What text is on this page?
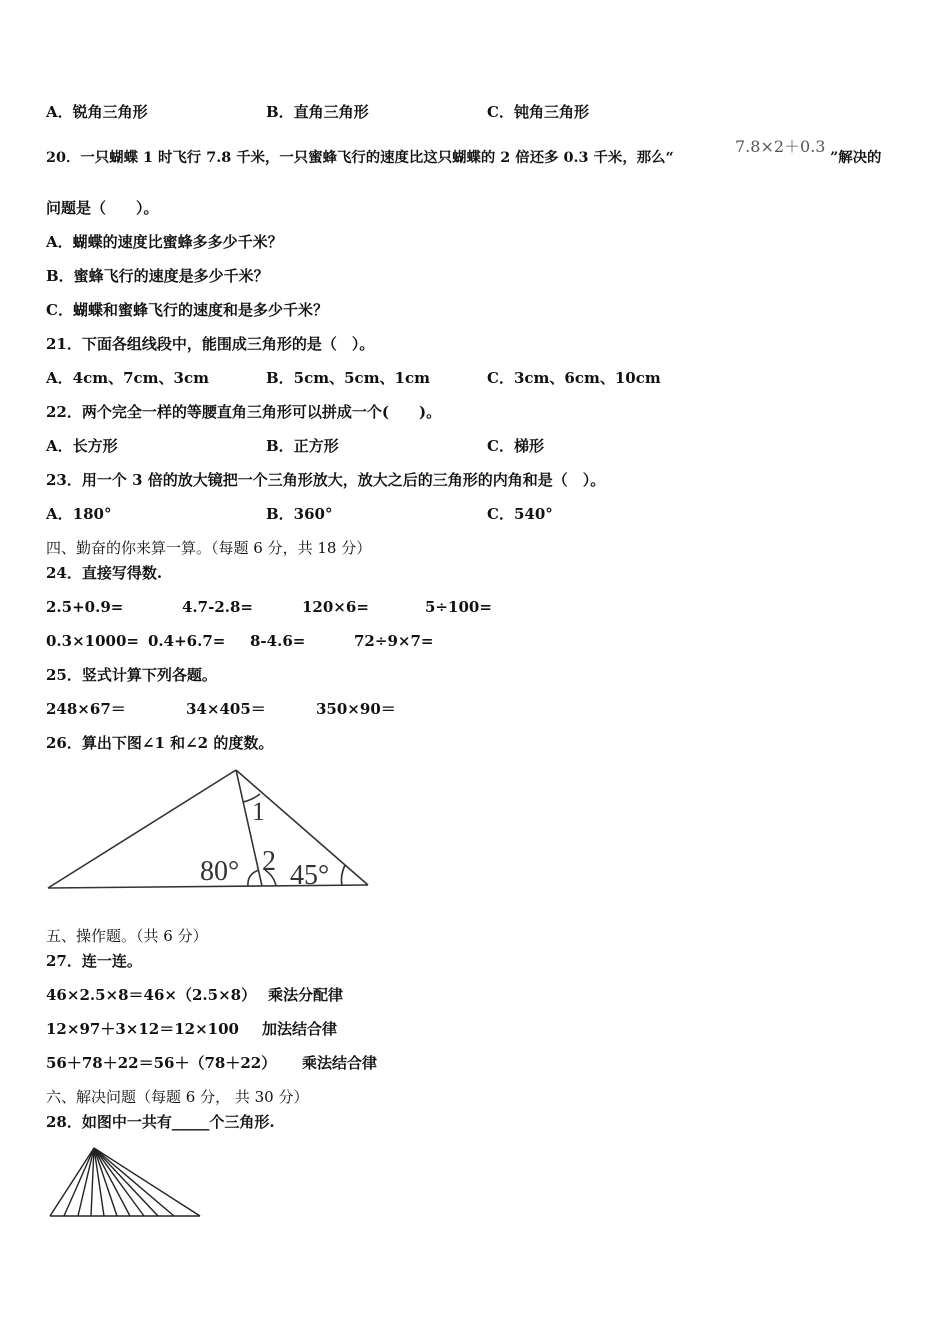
A．锐角三角形	B．直角三角形	C．钝角三角形
20．一只蝴蝶 1 时飞行 7.8 千米，一只蜜蜂飞行的速度比这只蝴蝶的 2 倍还多 0.3 千米，那么“
7.8×2＋0.3
”解决的
问题是（　　）。
A．蝴蝶的速度比蜜蜂多多少千米？
B．蜜蜂飞行的速度是多少千米？
C．蝴蝶和蜜蜂飞行的速度和是多少千米？
21．下面各组线段中，能围成三角形的是（　）。
A．4cm、7cm、3cm	B．5cm、5cm、1cm	C．3cm、6cm、10cm
22．两个完全一样的等腰直角三角形可以拼成一个(　　)。
A．长方形	B．正方形	C．梯形
23．用一个 3 倍的放大镜把一个三角形放大，放大之后的三角形的内角和是（　）。
A．180°	B．360°	C．540°
四、勤奋的你来算一算。（每题 6 分，共 18 分）
24．直接写得数.
2.5+0.9=	4.7-2.8=	120×6=	5÷100=
0.3×1000= 0.4+6.7= 8-4.6=	72÷9×7=
25．竖式计算下列各题。
248×67＝	34×405＝	350×90＝
26．算出下图∠1 和∠2 的度数。
1
2
80° 45°
五、操作题。（共 6 分）
27．连一连。
46×2.5×8＝46×（2.5×8） 乘法分配律
12×97＋3×12＝12×100 加法结合律
56＋78＋22＝56＋（78＋22） 乘法结合律
六、解决问题（每题 6 分， 共 30 分）
28．如图中一共有_____个三角形.
